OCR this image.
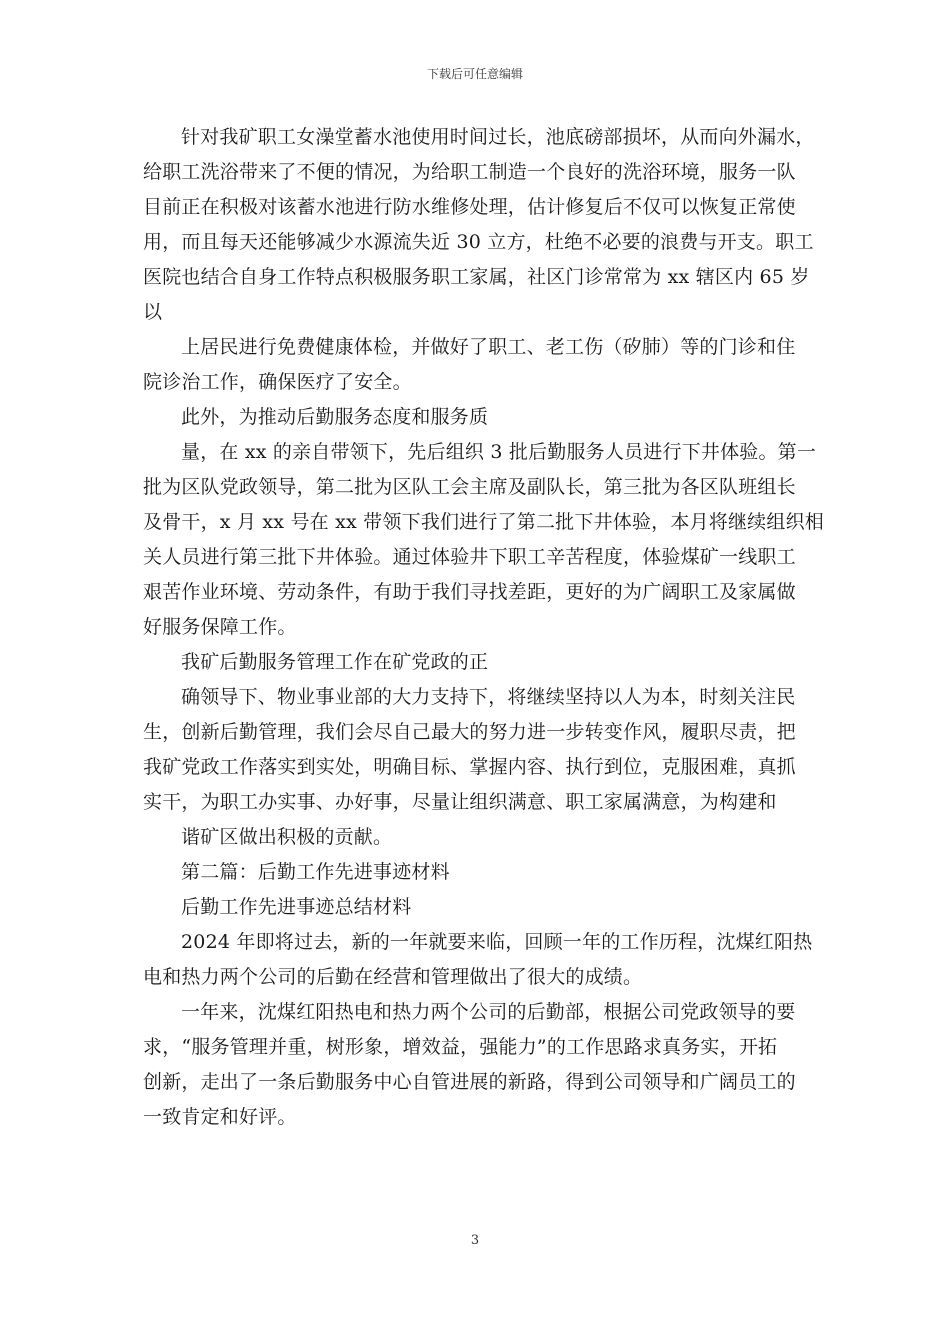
下载后可任意编辑

针对我矿职工女澡堂蓄水池使用时间过长，池底磅部损坏，从而向外漏水，

给职工洗浴带来了不便的情况，为给职工制造一个良好的洗浴环境，服务一队

目前正在积极对该蓄水池进行防水维修处理，估计修复后不仅可以恢复正常使

用，而且每天还能够减少水源流失近 30 立方，杜绝不必要的浪费与开支。职工

医院也结合自身工作特点积极服务职工家属，社区门诊常常为 xx 辖区内 65 岁

以

上居民进行免费健康体检，并做好了职工、老工伤（矽肺）等的门诊和住

院诊治工作，确保医疗了安全。

此外，为推动后勤服务态度和服务质

量，在 xx 的亲自带领下，先后组织 3 批后勤服务人员进行下井体验。第一

批为区队党政领导，第二批为区队工会主席及副队长，第三批为各区队班组长

及骨干，x 月 xx 号在 xx 带领下我们进行了第二批下井体验，本月将继续组织相

关人员进行第三批下井体验。通过体验井下职工辛苦程度，体验煤矿一线职工

艰苦作业环境、劳动条件，有助于我们寻找差距，更好的为广阔职工及家属做

好服务保障工作。

我矿后勤服务管理工作在矿党政的正

确领导下、物业事业部的大力支持下，将继续坚持以人为本，时刻关注民

生，创新后勤管理，我们会尽自己最大的努力进一步转变作风，履职尽责，把

我矿党政工作落实到实处，明确目标、掌握内容、执行到位，克服困难，真抓

实干，为职工办实事、办好事，尽量让组织满意、职工家属满意，为构建和

谐矿区做出积极的贡献。

第二篇：后勤工作先进事迹材料

后勤工作先进事迹总结材料

2024 年即将过去，新的一年就要来临，回顾一年的工作历程，沈煤红阳热

电和热力两个公司的后勤在经营和管理做出了很大的成绩。

一年来，沈煤红阳热电和热力两个公司的后勤部，根据公司党政领导的要

求，“服务管理并重，树形象，增效益，强能力”的工作思路求真务实，开拓

创新，走出了一条后勤服务中心自管进展的新路，得到公司领导和广阔员工的

一致肯定和好评。

3
